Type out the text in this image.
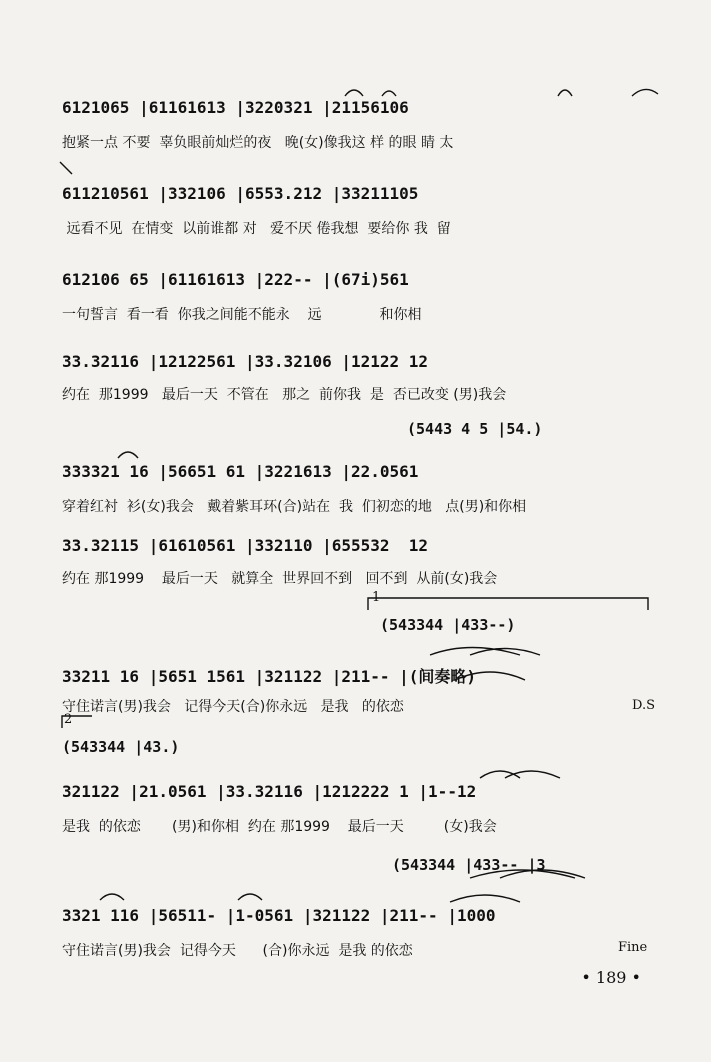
6121065 |61161613 |3220321 |21156106
抱紧一点 不要  辜负眼前灿烂的夜   晚(女)像我这 样 的眼 睛 太
611210561 |332106 |6553.212 |33211105
远看不见  在情变  以前谁都 对   爱不厌 倦我想  要给你 我  留
612106 65 |61161613 |222-- |(67i)561
一句誓言  看一看  你我之间能不能永    远             和你相
33.32116 |12122561 |33.32106 |12122 12
约在  那1999   最后一天  不管在   那之  前你我  是  否已改变 (男)我会
(5443 4 5 |54.)
333321 16 |56651 61 |3221613 |22.0561
穿着红衬  衫(女)我会   戴着紫耳环(合)站在  我  们初恋的地   点(男)和你相
33.32115 |61610561 |332110 |655532  12
约在 那1999    最后一天   就算全  世界回不到   回不到  从前(女)我会
1
(543344 |433--)
33211 16 |5651 1561 |321122 |211-- |(间奏略)
守住诺言(男)我会   记得今天(合)你永远   是我   的依恋	D.S
2
(543344 |43.)
321122 |21.0561 |33.32116 |1212222 1 |1--12
是我  的依恋       (男)和你相  约在 那1999    最后一天         (女)我会
(543344 |433-- |3
3321 116 |56511- |1-0561 |321122 |211-- |1000
守住诺言(男)我会  记得今天      (合)你永远  是我 的依恋	Fine
• 189 •
